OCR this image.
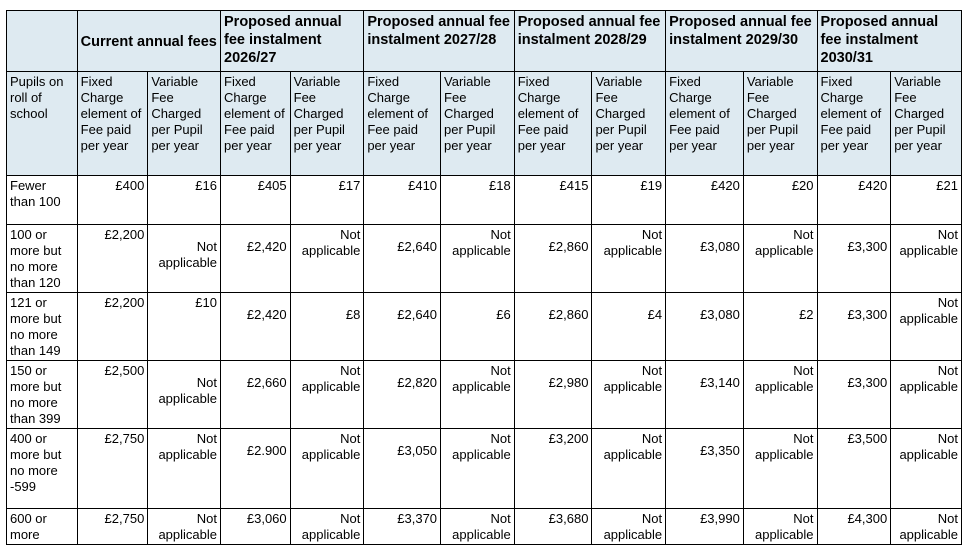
	Current annual fees		Proposed annual fee instalment 2026/27		Proposed annual fee instalment 2027/28		Proposed annual fee instalment 2028/29		Proposed annual fee instalment 2029/30		Proposed annual fee instalment 2030/31	
Pupils on roll of school	Fixed Charge element of Fee paid per year	Variable Fee Charged per Pupil per year	Fixed Charge element of Fee paid per year	Variable Fee Charged per Pupil per year	Fixed Charge element of Fee paid per year	Variable Fee Charged per Pupil per year	Fixed Charge element of Fee paid per year	Variable Fee Charged per Pupil per year	Fixed Charge element of Fee paid per year	Variable Fee Charged per Pupil per year	Fixed Charge element of Fee paid per year	Variable Fee Charged per Pupil per year
Fewer than 100	£400	£16	£405	£17	£410	£18	£415	£19	£420	£20	£420	£21
100 or more but no more than 120	£2,200	Not applicable	£2,420	Not applicable	£2,640	Not applicable	£2,860	Not applicable	£3,080	Not applicable	£3,300	Not applicable
121 or more but no more than 149	£2,200	£10	£2,420	£8	£2,640	£6	£2,860	£4	£3,080	£2	£3,300	Not applicable
150 or more but no more than 399	£2,500	Not applicable	£2,660	Not applicable	£2,820	Not applicable	£2,980	Not applicable	£3,140	Not applicable	£3,300	Not applicable
400 or more but no more -599	£2,750	Not applicable	£2.900	Not applicable	£3,050	Not applicable	£3,200	Not applicable	£3,350	Not applicable	£3,500	Not applicable
600 or more	£2,750	Not applicable	£3,060	Not applicable	£3,370	Not applicable	£3,680	Not applicable	£3,990	Not applicable	£4,300	Not applicable
